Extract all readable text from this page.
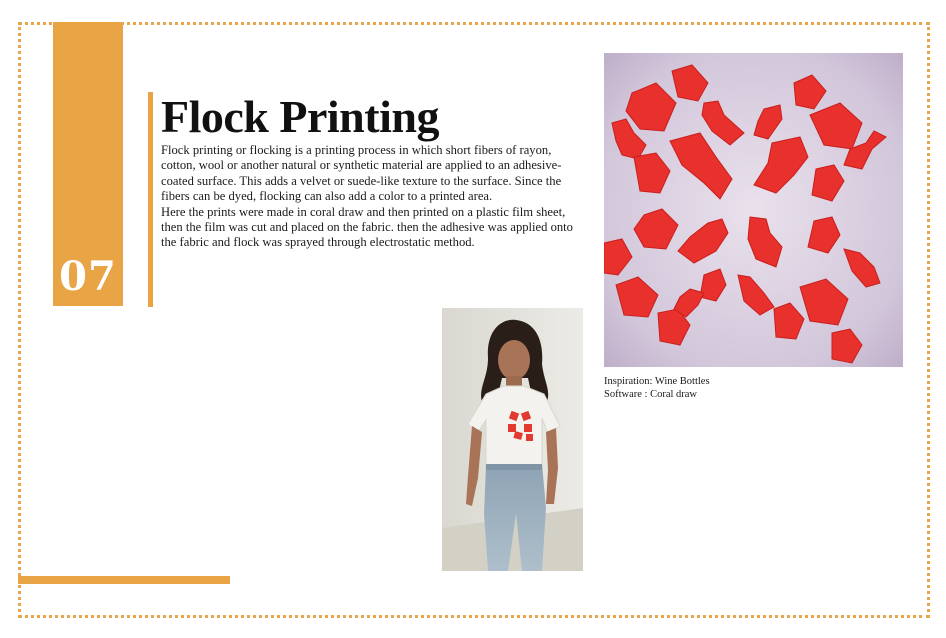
07
Flock Printing

Flock printing or flocking is a printing process in which short fibers of rayon, cotton, wool or another natural or synthetic material are applied to an adhesive-coated surface. This adds a velvet or suede-like texture to the surface. Since the fibers can be dyed, flocking can also add a color to a printed area.

Here the prints were made in coral draw and then printed on a plastic film sheet, then the film was cut and placed on the fabric. then the adhesive was applied onto the fabric and flock was sprayed through electrostatic method.

Inspiration: Wine Bottles
Software : Coral draw
